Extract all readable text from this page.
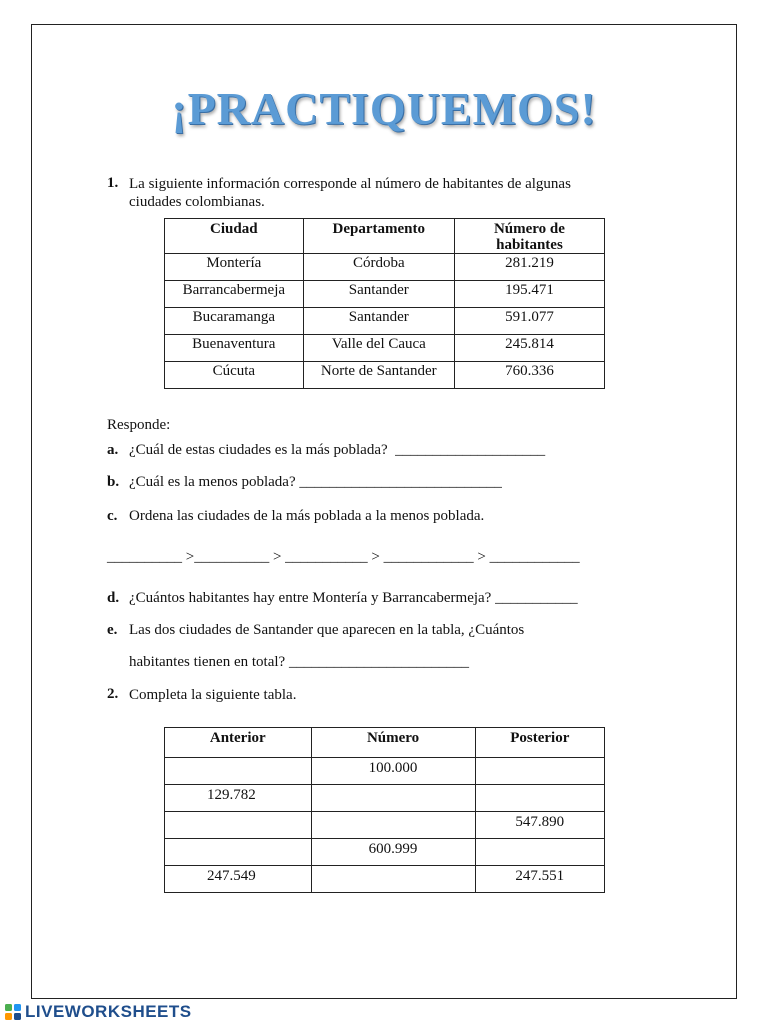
¡PRACTIQUEMOS!
1. La siguiente información corresponde al número de habitantes de algunas
ciudades colombianas.
Ciudad	Departamento	Número de habitantes
Montería	Córdoba	281.219
Barrancabermeja	Santander	195.471
Bucaramanga	Santander	591.077
Buenaventura	Valle del Cauca	245.814
Cúcuta	Norte de Santander	760.336
Responde:
a. ¿Cuál de estas ciudades es la más poblada?  ____________________
b. ¿Cuál es la menos poblada? ___________________________
c. Ordena las ciudades de la más poblada a la menos poblada.
__________ >__________ > ___________ > ____________ > ____________
d. ¿Cuántos habitantes hay entre Montería y Barrancabermeja? ___________
e. Las dos ciudades de Santander que aparecen en la tabla, ¿Cuántos
habitantes tienen en total? ________________________
2. Completa la siguiente tabla.
Anterior	Número	Posterior
	100.000	
129.782		
		547.890
	600.999	
247.549		247.551
LIVEWORKSHEETS
